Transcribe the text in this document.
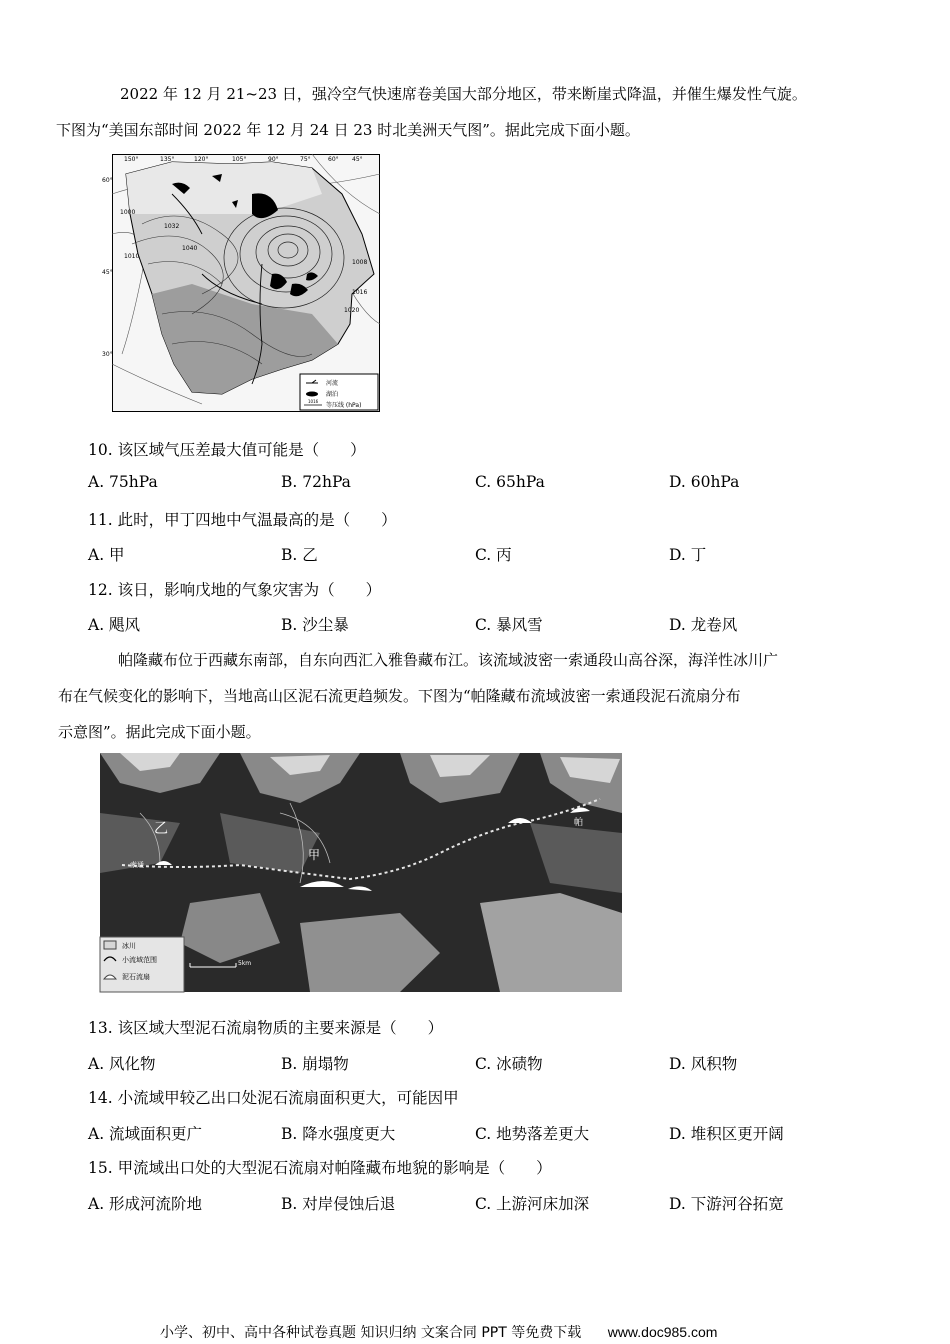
2022 年 12 月 21~23 日，强冷空气快速席卷美国大部分地区，带来断崖式降温，并催生爆发性气旋。
下图为“美国东部时间 2022 年 12 月 24 日 23 时北美洲天气图”。据此完成下面小题。

150°	135°	120°	105°	90°	75°	60° 45°
60°
45°
30°
1000
1010
1016
1020
1008
1032
1040
河流
湖泊
1016
等压线 (hPa)

10. 该区域气压差最大值可能是（　　）

A. 75hPa	B. 72hPa	C. 65hPa	D. 60hPa

11. 此时，甲丁四地中气温最高的是（　　）

A. 甲	B. 乙	C. 丙	D. 丁

12. 该日，影响戊地的气象灾害为（　　）

A. 飓风	B. 沙尘暴	C. 暴风雪	D. 龙卷风

帕隆藏布位于西藏东南部，自东向西汇入雅鲁藏布江。该流域波密一索通段山高谷深，海洋性冰川广
布在气候变化的影响下，当地高山区泥石流更趋频发。下图为“帕隆藏布流域波密一索通段泥石流扇分布
示意图”。据此完成下面小题。

乙
甲
索通
帕
冰川
小流域范围
泥石流扇
5km

13. 该区域大型泥石流扇物质的主要来源是（　　）

A. 风化物	B. 崩塌物	C. 冰碛物	D. 风积物

14. 小流域甲较乙出口处泥石流扇面积更大，可能因甲

A. 流域面积更广	B. 降水强度更大	C. 地势落差更大	D. 堆积区更开阔

15. 甲流域出口处的大型泥石流扇对帕隆藏布地貌的影响是（　　）

A. 形成河流阶地	B. 对岸侵蚀后退	C. 上游河床加深	D. 下游河谷拓宽
小学、初中、高中各种试卷真题 知识归纳 文案合同 PPT 等免费下载 www.doc985.com
